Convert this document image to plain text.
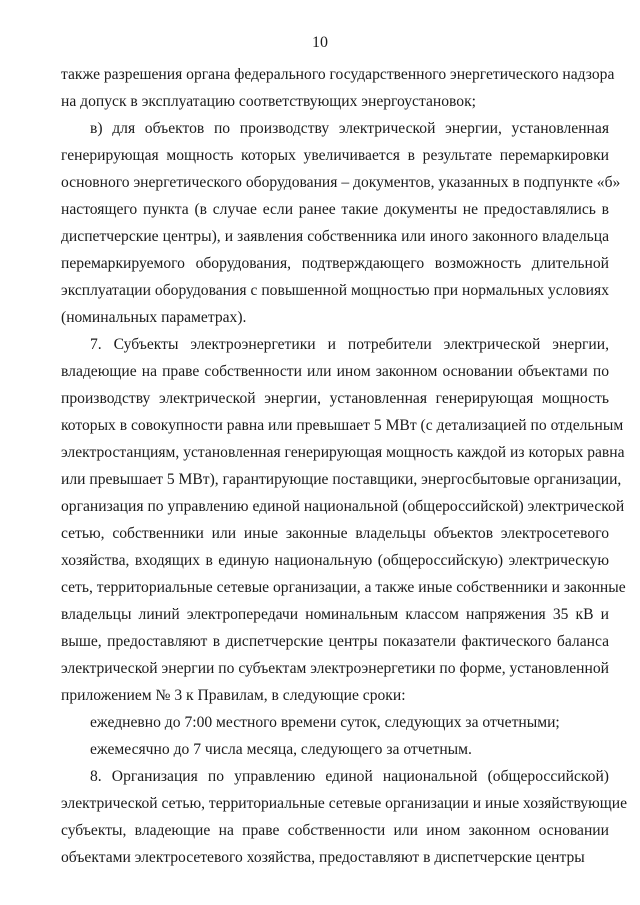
10
также разрешения органа федерального государственного энергетического надзора
на допуск в эксплуатацию соответствующих энергоустановок;
в) для объектов по производству электрической энергии, установленная
генерирующая мощность которых увеличивается в результате перемаркировки
основного энергетического оборудования – документов, указанных в подпункте «б»
настоящего пункта (в случае если ранее такие документы не предоставлялись в
диспетчерские центры), и заявления собственника или иного законного владельца
перемаркируемого оборудования, подтверждающего возможность длительной
эксплуатации оборудования с повышенной мощностью при нормальных условиях
(номинальных параметрах).
7. Субъекты электроэнергетики и потребители электрической энергии,
владеющие на праве собственности или ином законном основании объектами по
производству электрической энергии, установленная генерирующая мощность
которых в совокупности равна или превышает 5 МВт (с детализацией по отдельным
электростанциям, установленная генерирующая мощность каждой из которых равна
или превышает 5 МВт), гарантирующие поставщики, энергосбытовые организации,
организация по управлению единой национальной (общероссийской) электрической
сетью, собственники или иные законные владельцы объектов электросетевого
хозяйства, входящих в единую национальную (общероссийскую) электрическую
сеть, территориальные сетевые организации, а также иные собственники и законные
владельцы линий электропередачи номинальным классом напряжения 35 кВ и
выше, предоставляют в диспетчерские центры показатели фактического баланса
электрической энергии по субъектам электроэнергетики по форме, установленной
приложением № 3 к Правилам, в следующие сроки:
ежедневно до 7:00 местного времени суток, следующих за отчетными;
ежемесячно до 7 числа месяца, следующего за отчетным.
8. Организация по управлению единой национальной (общероссийской)
электрической сетью, территориальные сетевые организации и иные хозяйствующие
субъекты, владеющие на праве собственности или ином законном основании
объектами электросетевого хозяйства, предоставляют в диспетчерские центры
